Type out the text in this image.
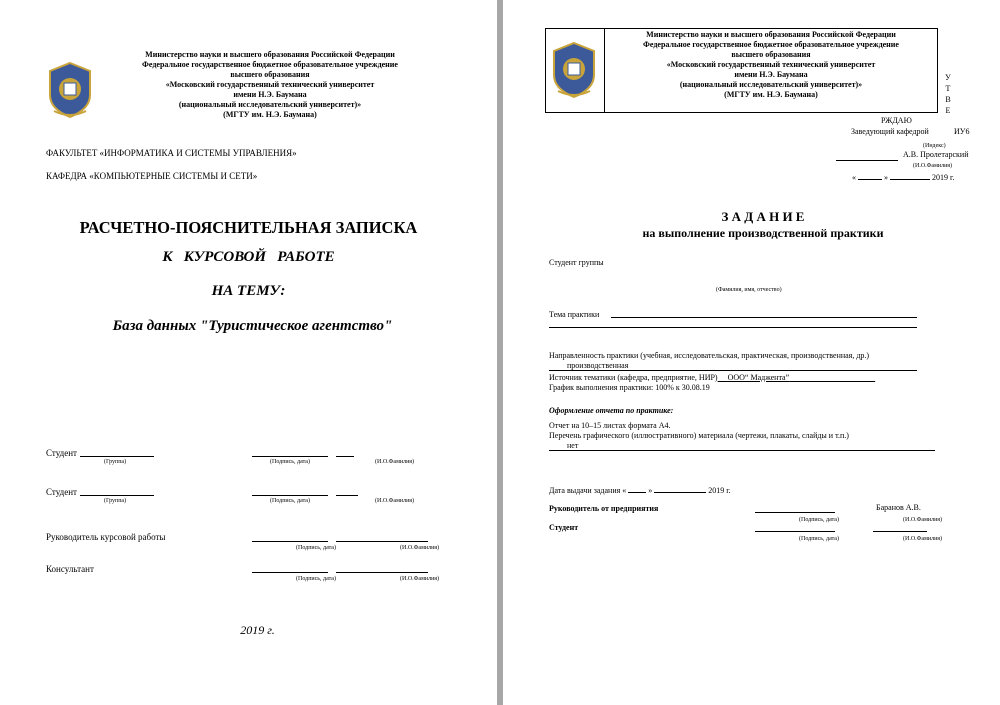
Министерство науки и высшего образования Российской Федерации
Федеральное государственное бюджетное образовательное учреждение
высшего образования
«Московский государственный технический университет
имени Н.Э. Баумана
(национальный исследовательский университет)»
(МГТУ им. Н.Э. Баумана)
ФАКУЛЬТЕТ «ИНФОРМАТИКА И СИСТЕМЫ УПРАВЛЕНИЯ»
КАФЕДРА «КОМПЬЮТЕРНЫЕ СИСТЕМЫ И СЕТИ»
РАСЧЕТНО-ПОЯСНИТЕЛЬНАЯ ЗАПИСКА
К   КУРСОВОЙ   РАБОТЕ
НА ТЕМУ:
База данных "Туристическое агентство"
Студент
(Группа)	(Подпись, дата)	(И.О.Фамилия)
Студент
(Группа)	(Подпись, дата)	(И.О.Фамилия)
Руководитель курсовой работы
(Подпись, дата)	(И.О.Фамилия)
Консультант
(Подпись, дата)	(И.О.Фамилия)
2019 г.
Министерство науки и высшего образования Российской Федерации
Федеральное государственное бюджетное образовательное учреждение
высшего образования
«Московский государственный технический университет
имени Н.Э. Баумана
(национальный исследовательский университет)»
(МГТУ им. Н.Э. Баумана)
У
Т
В
Е
РЖДАЮ
Заведующий кафедрой	ИУ6
(Индекс)
А.В. Пролетарский
(И.О.Фамилия)
«	»	2019 г.
З А Д А Н И Е
на выполнение производственной практики
Студент группы
(Фамилия, имя, отчество)
Тема практики
Направленность практики (учебная, исследовательская, практическая, производственная, др.)
производственная
Источник тематики (кафедра, предприятие, НИР) ООО“ Маджента”
График выполнения практики: 100% к 30.08.19
Оформление отчета по практике:
Отчет на 10–15 листах формата А4.
Перечень графического (иллюстративного) материала (чертежи, плакаты, слайды и т.п.)
нет
Дата выдачи задания «	»	2019 г.
Руководитель от предприятия	Баранов А.В.
(Подпись, дата)	(И.О.Фамилия)
Студент
(Подпись, дата)	(И.О.Фамилия)
